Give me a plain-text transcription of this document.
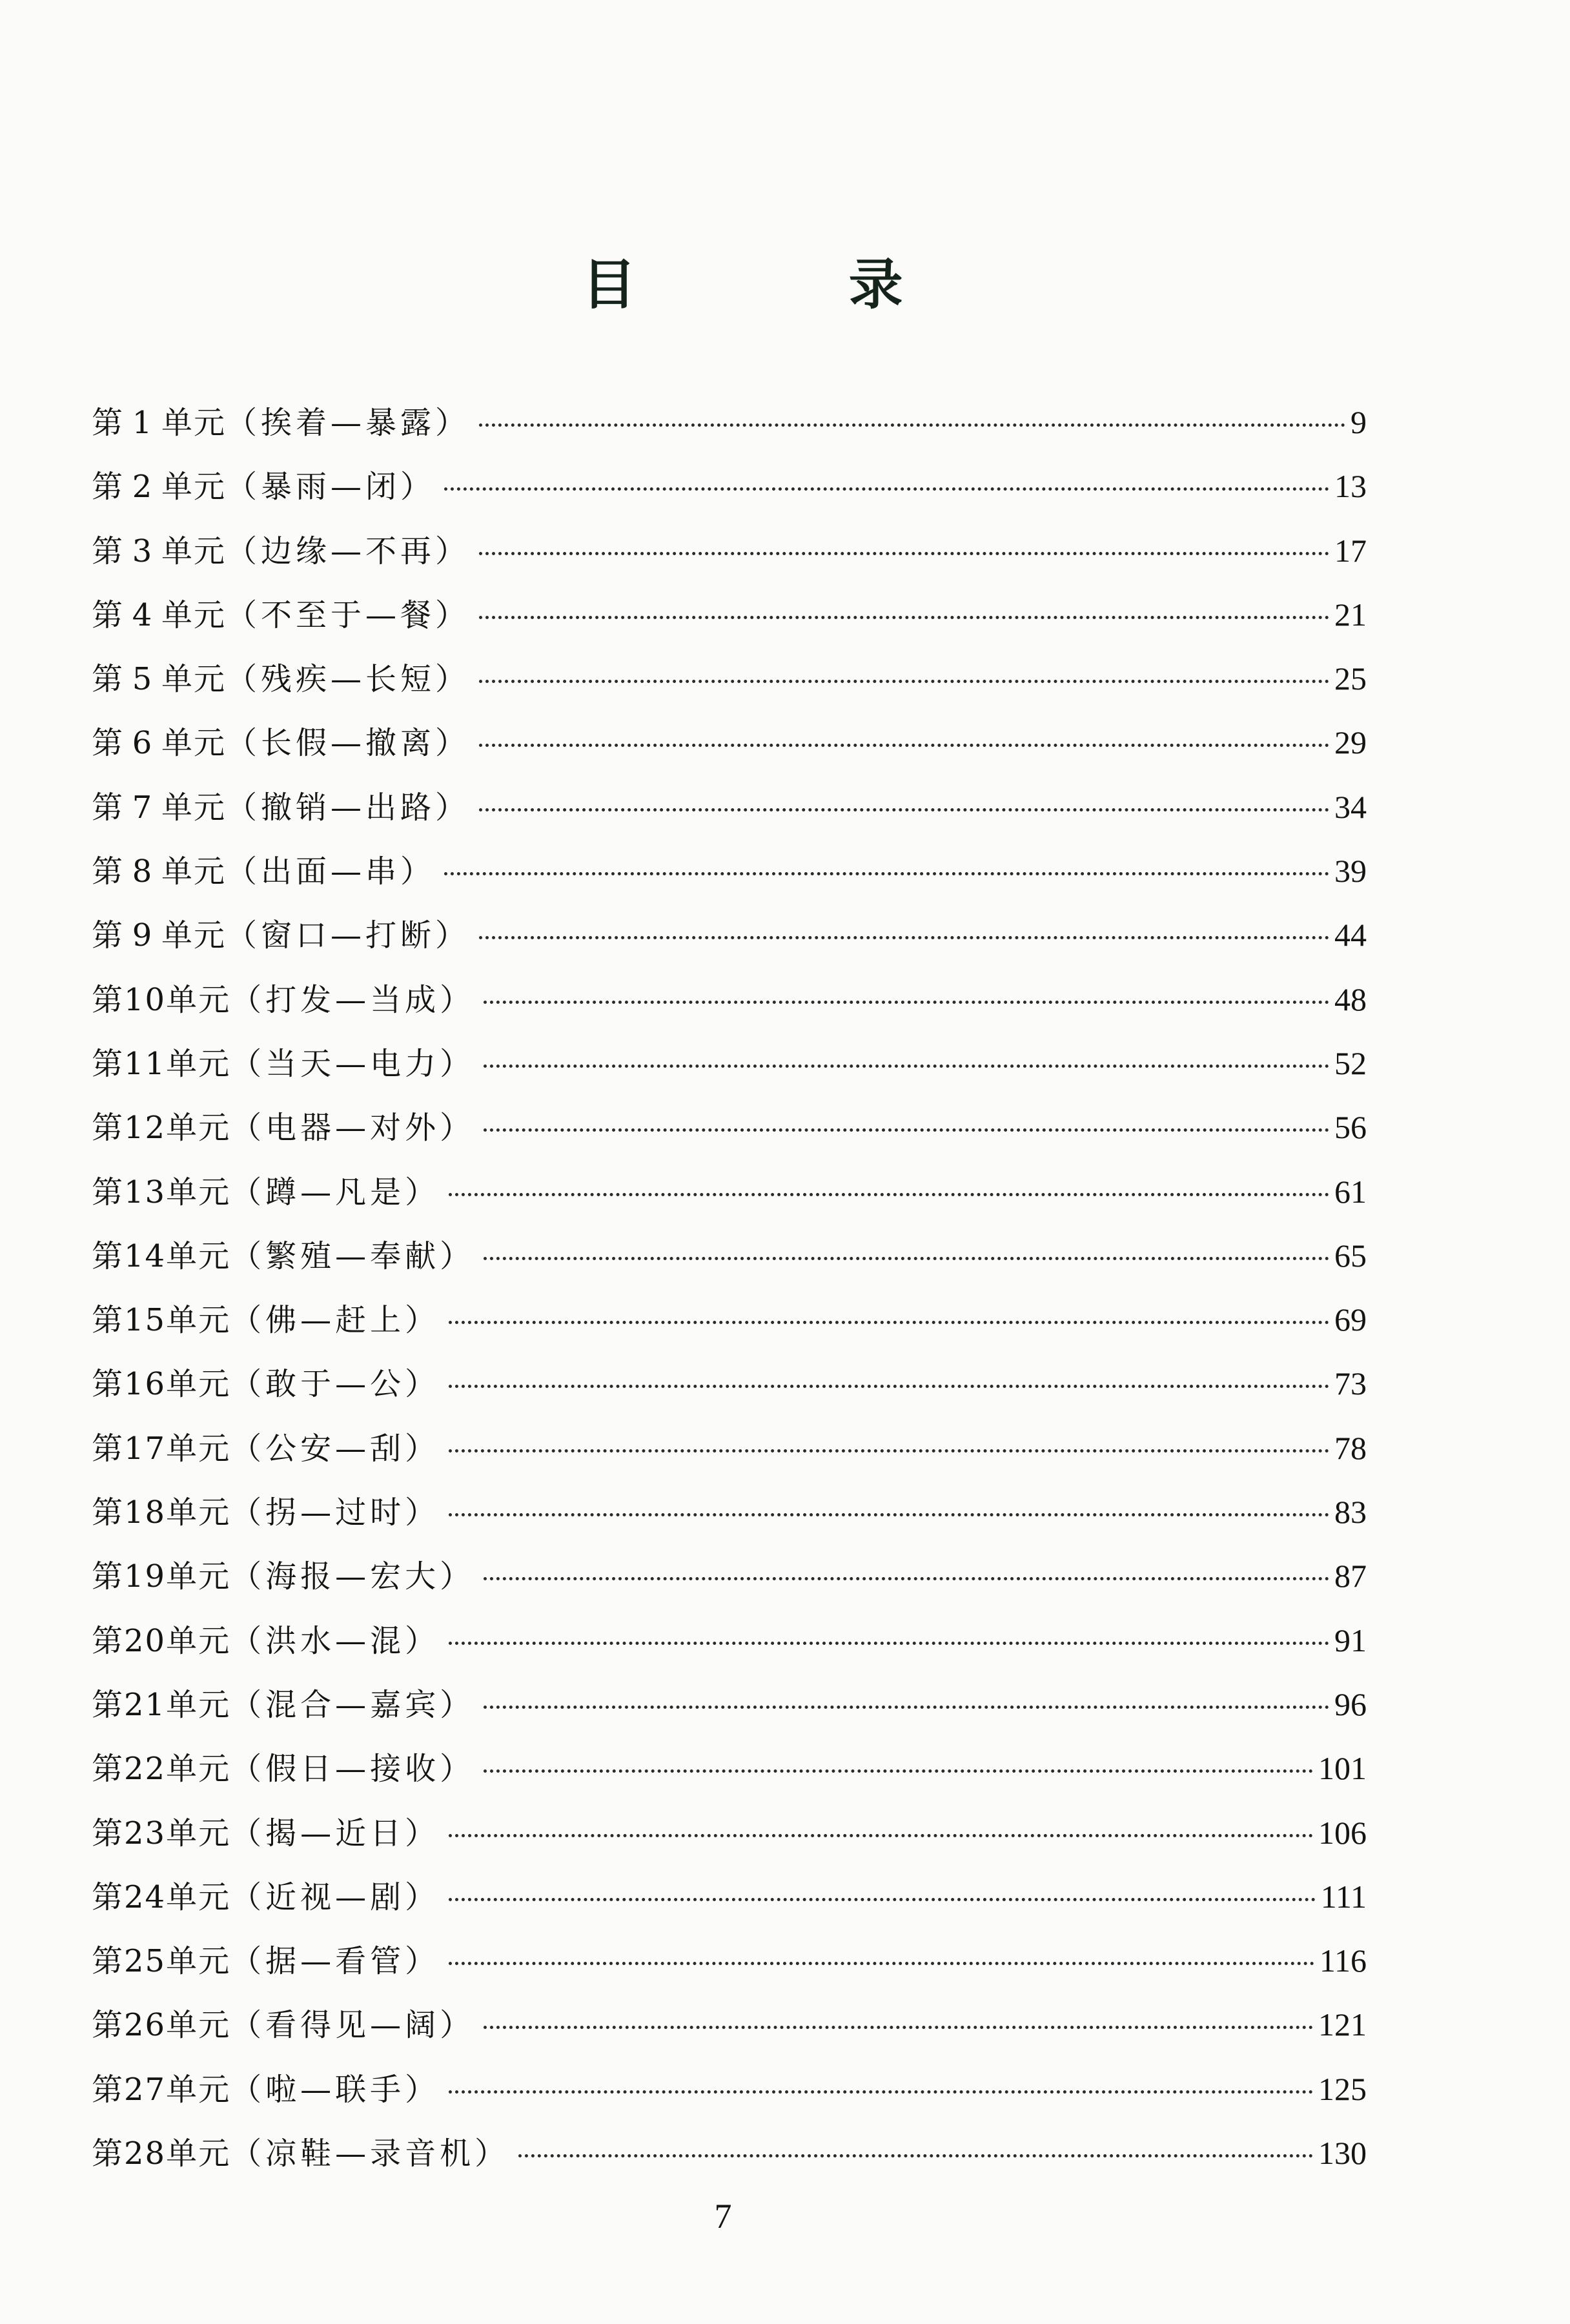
目 录
第 1 单元 （挨着—暴露）	9
第 2 单元 （暴雨—闭）	13
第 3 单元 （边缘—不再）	17
第 4 单元 （不至于—餐）	21
第 5 单元 （残疾—长短）	25
第 6 单元 （长假—撤离）	29
第 7 单元 （撤销—出路）	34
第 8 单元 （出面—串）	39
第 9 单元 （窗口—打断）	44
第10单元 （打发—当成）	48
第11单元 （当天—电力）	52
第12单元 （电器—对外）	56
第13单元 （蹲—凡是）	61
第14单元 （繁殖—奉献）	65
第15单元 （佛—赶上）	69
第16单元 （敢于—公）	73
第17单元 （公安—刮）	78
第18单元 （拐—过时）	83
第19单元 （海报—宏大）	87
第20单元 （洪水—混）	91
第21单元 （混合—嘉宾）	96
第22单元 （假日—接收）	101
第23单元 （揭—近日）	106
第24单元 （近视—剧）	111
第25单元 （据—看管）	116
第26单元 （看得见—阔）	121
第27单元 （啦—联手）	125
第28单元 （凉鞋—录音机）	130
7
